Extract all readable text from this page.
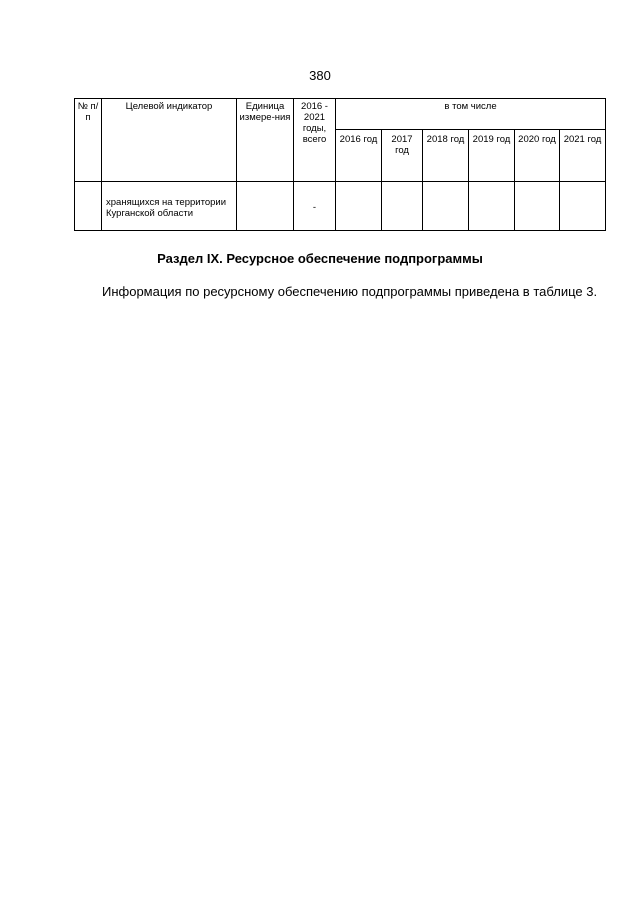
380
№ п/п	Целевой индикатор	Единица измере-ния	2016 - 2021 годы, всего	в том числе					
				2016 год	2017 год	2018 год	2019 год	2020 год	2021 год
	хранящихся на территории Курганской области		-						
Раздел IX. Ресурсное обеспечение подпрограммы

Информация по ресурсному обеспечению подпрограммы приведена в таблице 3.
